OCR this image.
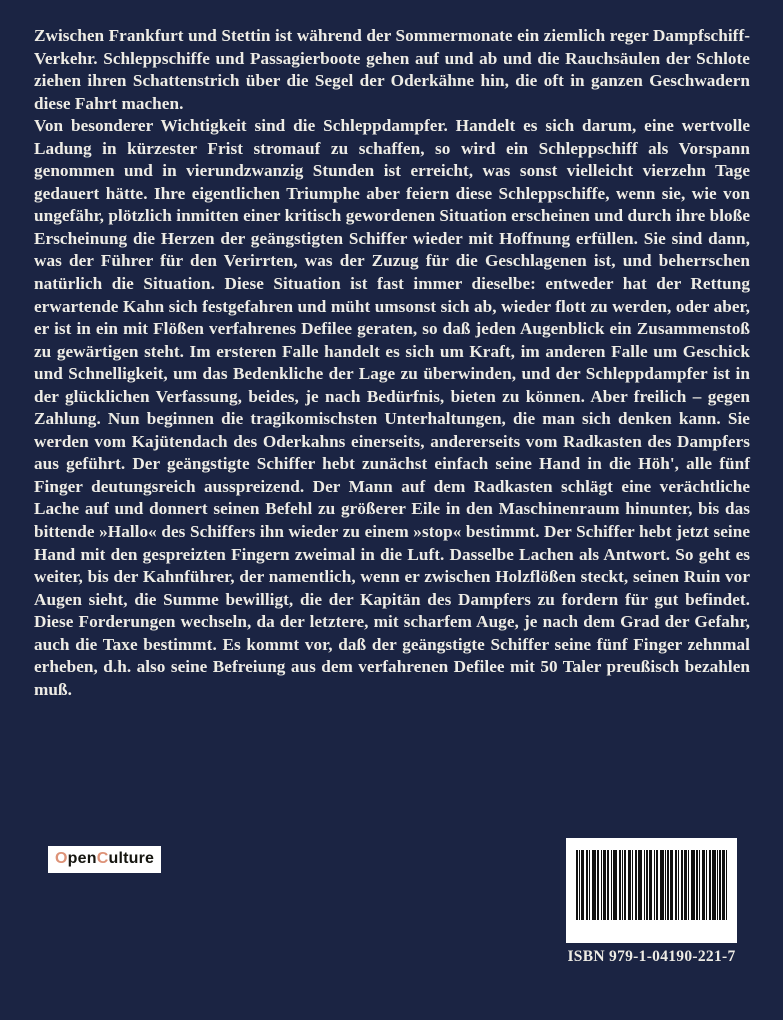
Zwischen Frankfurt und Stettin ist während der Sommermonate ein ziemlich reger Dampfschiff-Verkehr. Schleppschiffe und Passagierboote gehen auf und ab und die Rauchsäulen der Schlote ziehen ihren Schattenstrich über die Segel der Oderkähne hin, die oft in ganzen Geschwadern diese Fahrt machen.

Von besonderer Wichtigkeit sind die Schleppdampfer. Handelt es sich darum, eine wertvolle Ladung in kürzester Frist stromauf zu schaffen, so wird ein Schleppschiff als Vorspann genommen und in vierundzwanzig Stunden ist erreicht, was sonst vielleicht vierzehn Tage gedauert hätte. Ihre eigentlichen Triumphe aber feiern diese Schleppschiffe, wenn sie, wie von ungefähr, plötzlich inmitten einer kritisch gewordenen Situation erscheinen und durch ihre bloße Erscheinung die Herzen der geängstigten Schiffer wieder mit Hoffnung erfüllen. Sie sind dann, was der Führer für den Verirrten, was der Zuzug für die Geschlagenen ist, und beherrschen natürlich die Situation. Diese Situation ist fast immer dieselbe: entweder hat der Rettung erwartende Kahn sich festgefahren und müht umsonst sich ab, wieder flott zu werden, oder aber, er ist in ein mit Flößen verfahrenes Defilee geraten, so daß jeden Augenblick ein Zusammenstoß zu gewärtigen steht. Im ersteren Falle handelt es sich um Kraft, im anderen Falle um Geschick und Schnelligkeit, um das Bedenkliche der Lage zu überwinden, und der Schleppdampfer ist in der glücklichen Verfassung, beides, je nach Bedürfnis, bieten zu können. Aber freilich – gegen Zahlung. Nun beginnen die tragikomischsten Unterhaltungen, die man sich denken kann. Sie werden vom Kajütendach des Oderkahns einerseits, andererseits vom Radkasten des Dampfers aus geführt. Der geängstigte Schiffer hebt zunächst einfach seine Hand in die Höh', alle fünf Finger deutungsreich ausspreizend. Der Mann auf dem Radkasten schlägt eine verächtliche Lache auf und donnert seinen Befehl zu größerer Eile in den Maschinenraum hinunter, bis das bittende »Hallo« des Schiffers ihn wieder zu einem »stop« bestimmt. Der Schiffer hebt jetzt seine Hand mit den gespreizten Fingern zweimal in die Luft. Dasselbe Lachen als Antwort. So geht es weiter, bis der Kahnführer, der namentlich, wenn er zwischen Holzflößen steckt, seinen Ruin vor Augen sieht, die Summe bewilligt, die der Kapitän des Dampfers zu fordern für gut befindet. Diese Forderungen wechseln, da der letztere, mit scharfem Auge, je nach dem Grad der Gefahr, auch die Taxe bestimmt. Es kommt vor, daß der geängstigte Schiffer seine fünf Finger zehnmal erheben, d.h. also seine Befreiung aus dem verfahrenen Defilee mit 50 Taler preußisch bezahlen muß.

OpenCulture
ISBN 979-1-04190-221-7
